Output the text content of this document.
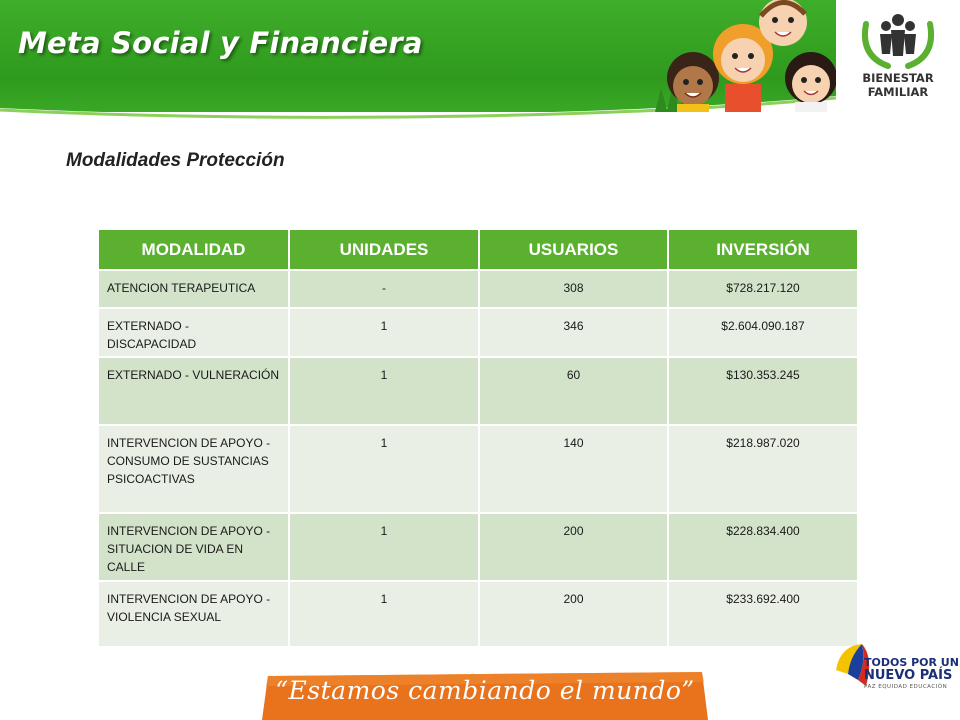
Meta Social y Financiera
BIENESTAR
FAMILIAR
Modalidades Protección
MODALIDAD	UNIDADES	USUARIOS	INVERSIÓN
ATENCION TERAPEUTICA	-	308	$728.217.120
EXTERNADO - DISCAPACIDAD	1	346	$2.604.090.187
EXTERNADO - VULNERACIÓN	1	60	$130.353.245
INTERVENCION DE APOYO - CONSUMO DE SUSTANCIAS PSICOACTIVAS	1	140	$218.987.020
INTERVENCION DE APOYO - SITUACION DE VIDA EN CALLE	1	200	$228.834.400
INTERVENCION DE APOYO - VIOLENCIA SEXUAL	1	200	$233.692.400
“Estamos cambiando el mundo”
TODOS POR UN
NUEVO PAÍS
PAZ EQUIDAD EDUCACIÓN
